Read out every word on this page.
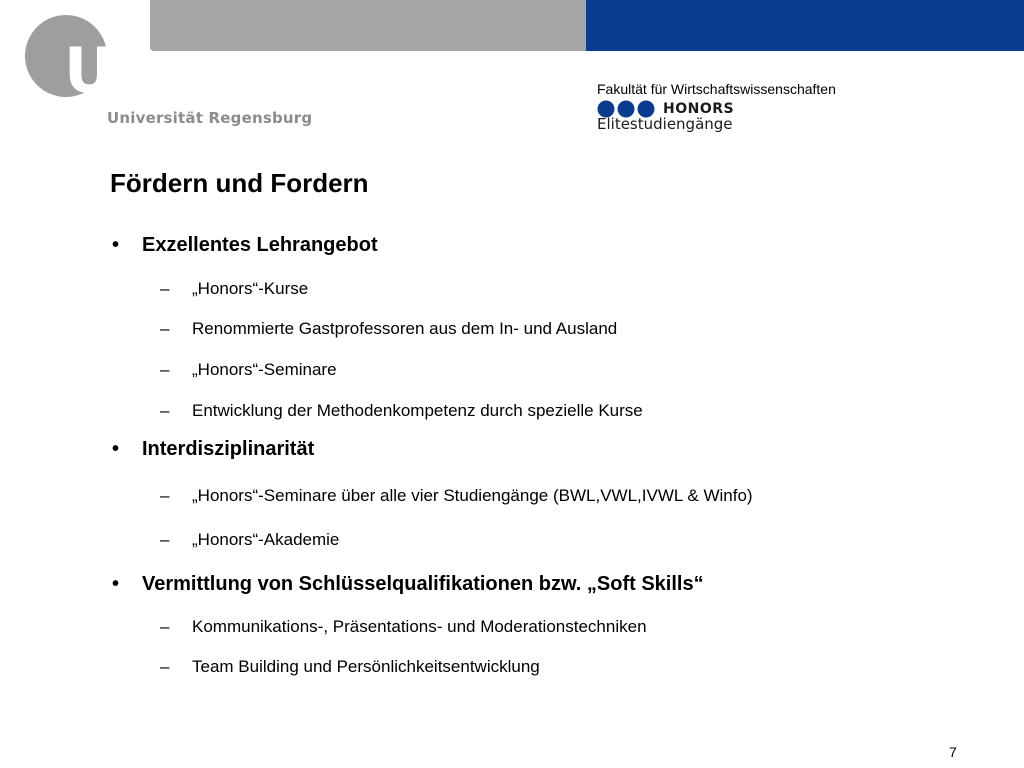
UR
Universität Regensburg
Fakultät für Wirtschaftswissenschaften
HONORS
Elitestudiengänge
Fördern und Fordern
• Exzellentes Lehrangebot
– „Honors“-Kurse
– Renommierte Gastprofessoren aus dem In- und Ausland
– „Honors“-Seminare
– Entwicklung der Methodenkompetenz durch spezielle Kurse
• Interdisziplinarität
– „Honors“-Seminare über alle vier Studiengänge (BWL,VWL,IVWL & Winfo)
– „Honors“-Akademie
• Vermittlung von Schlüsselqualifikationen bzw. „Soft Skills“
– Kommunikations-, Präsentations- und Moderationstechniken
– Team Building und Persönlichkeitsentwicklung
7
